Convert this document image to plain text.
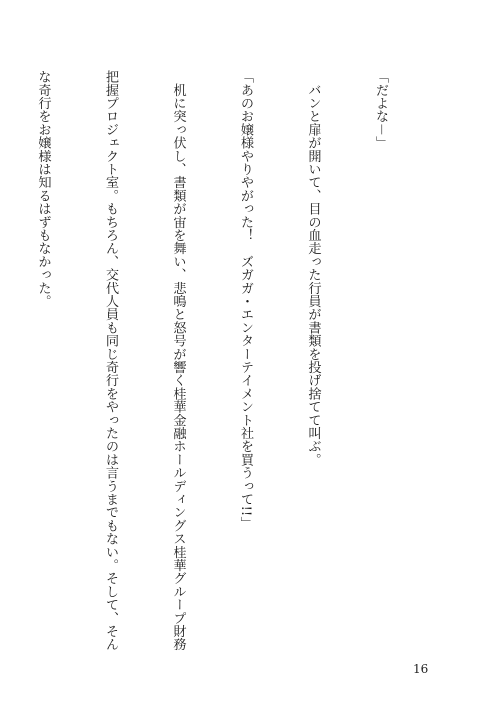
「だよな－」

　バンと扉が開いて、目の血走った行員が書類を投げ捨てて叫ぶ。

「あのお嬢様やりやがった！　ズガガ・エンターテイメント社を買うって!!」

　机に突っ伏し、書類が宙を舞い、悲鳴と怒号が響く桂華金融ホールディングス桂華グループ財務

把握プロジェクト室。もちろん、交代人員も同じ奇行をやったのは言うまでもない。そして、そん

な奇行をお嬢様は知るはずもなかった。

16
